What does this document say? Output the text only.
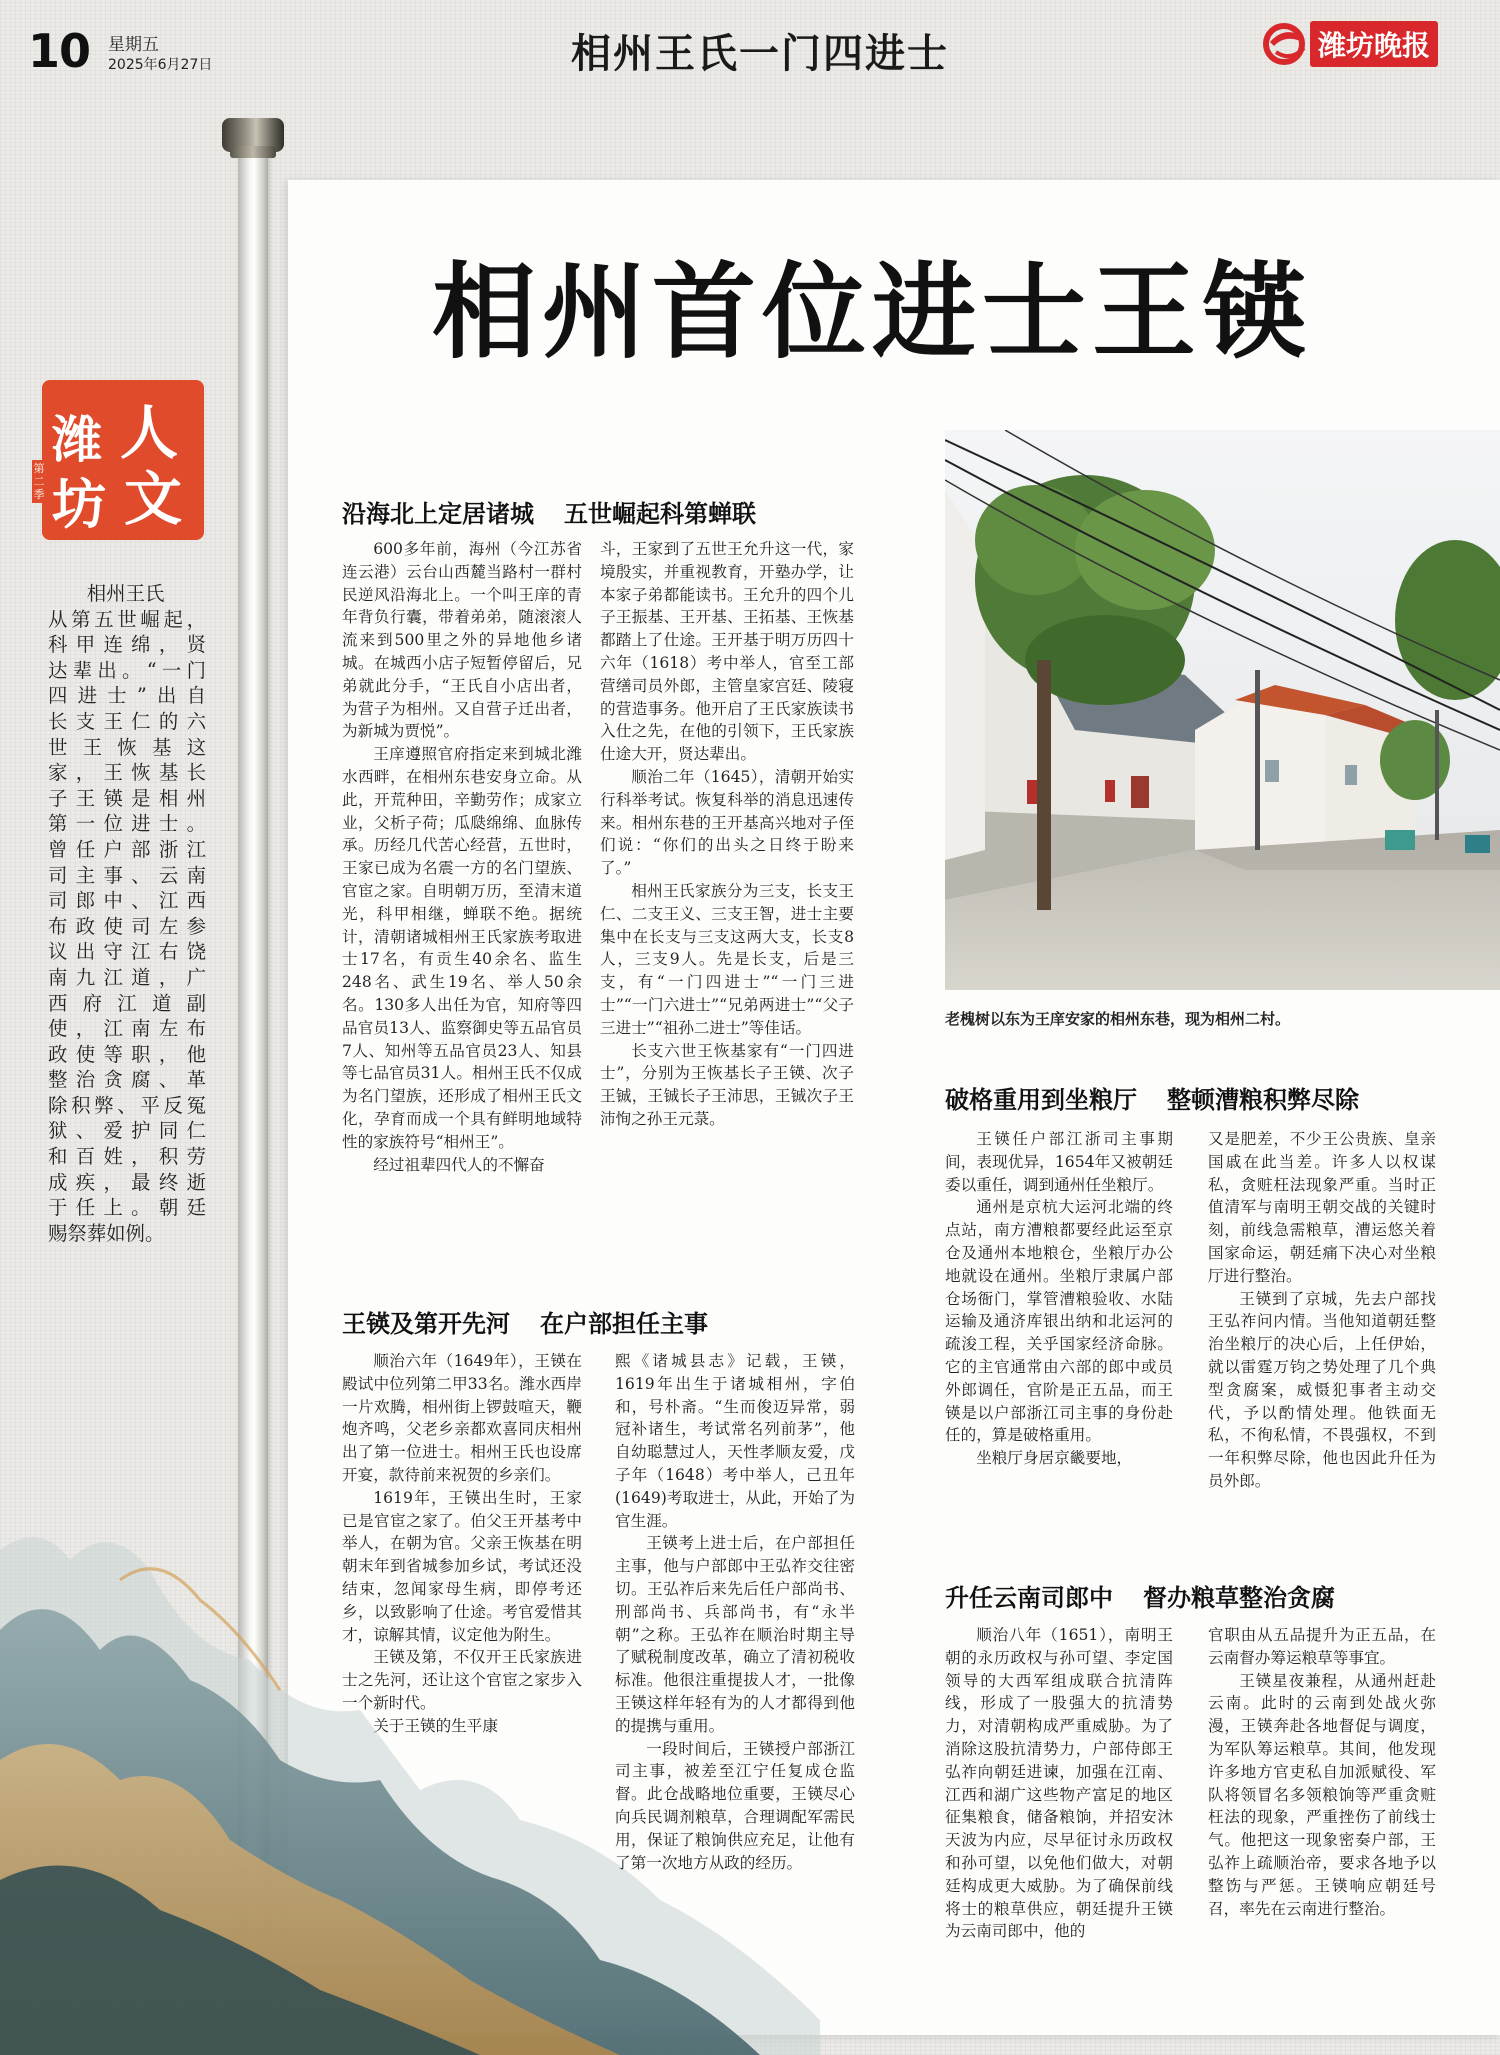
10 星期五
2025年6月27日	相州王氏一门四进士	潍坊晚报
潍 人
坊 文
第二季
相州王氏
从第五世崛起，
科甲连绵，贤
达辈出。“一门
四进士”出自
长支王仁的六
世王恢基这
家，王恢基长
子王锳是相州
第一位进士。
曾任户部浙江
司主事、云南
司郎中、江西
布政使司左参
议出守江右饶
南九江道，广
西府江道副
使，江南左布
政使等职，他
整治贪腐、革
除积弊、平反冤
狱、爱护同仁
和百姓，积劳
成疾，最终逝
于任上。朝廷
赐祭葬如例。
相州首位进士王锳
沿海北上定居诸城 五世崛起科第蝉联

600多年前，海州（今江苏省连云港）云台山西麓当路村一群村民逆风沿海北上。一个叫王庠的青年背负行囊，带着弟弟，随滚滚人流来到500里之外的异地他乡诸城。在城西小店子短暂停留后，兄弟就此分手，“王氏自小店出者，为营子为相州。又自营子迁出者，为新城为贾悦”。

王庠遵照官府指定来到城北潍水西畔，在相州东巷安身立命。从此，开荒种田，辛勤劳作；成家立业，父析子荷；瓜瓞绵绵、血脉传承。历经几代苦心经营，五世时，王家已成为名震一方的名门望族、官宦之家。自明朝万历，至清末道光，科甲相继，蝉联不绝。据统计，清朝诸城相州王氏家族考取进士17名，有贡生40余名、监生248名、武生19名、举人50余名。130多人出任为官，知府等四品官员13人、监察御史等五品官员7人、知州等五品官员23人、知县等七品官员31人。相州王氏不仅成为名门望族，还形成了相州王氏文化，孕育而成一个具有鲜明地域特性的家族符号“相州王”。

经过祖辈四代人的不懈奋

斗，王家到了五世王允升这一代，家境殷实，并重视教育，开塾办学，让本家子弟都能读书。王允升的四个儿子王振基、王开基、王拓基、王恢基都踏上了仕途。王开基于明万历四十六年（1618）考中举人，官至工部营缮司员外郎，主管皇家宫廷、陵寝的营造事务。他开启了王氏家族读书入仕之先，在他的引领下，王氏家族仕途大开，贤达辈出。

顺治二年（1645），清朝开始实行科举考试。恢复科举的消息迅速传来。相州东巷的王开基高兴地对子侄们说：“你们的出头之日终于盼来了。”

相州王氏家族分为三支，长支王仁、二支王义、三支王智，进士主要集中在长支与三支这两大支，长支8人，三支9人。先是长支，后是三支，有“一门四进士”“一门三进士”“一门六进士”“兄弟两进士”“父子三进士”“祖孙二进士”等佳话。

长支六世王恢基家有“一门四进士”，分别为王恢基长子王锳、次子王铖，王铖长子王沛思，王铖次子王沛恂之孙王元菉。

王锳及第开先河 在户部担任主事

顺治六年（1649年），王锳在殿试中位列第二甲33名。潍水西岸一片欢腾，相州街上锣鼓喧天，鞭炮齐鸣，父老乡亲都欢喜同庆相州出了第一位进士。相州王氏也设席开宴，款待前来祝贺的乡亲们。

1619年，王锳出生时，王家已是官宦之家了。伯父王开基考中举人，在朝为官。父亲王恢基在明朝末年到省城参加乡试，考试还没结束，忽闻家母生病，即停考还乡，以致影响了仕途。考官爱惜其才，谅解其情，议定他为附生。

王锳及第，不仅开王氏家族进士之先河，还让这个官宦之家步入一个新时代。

关于王锳的生平康

熙《诸城县志》记载，王锳，1619年出生于诸城相州，字伯和，号朴斋。“生而俊迈异常，弱冠补诸生，考试常名列前茅”，他自幼聪慧过人，天性孝顺友爱，戊子年（1648）考中举人，己丑年(1649)考取进士，从此，开始了为官生涯。

王锳考上进士后，在户部担任主事，他与户部郎中王弘祚交往密切。王弘祚后来先后任户部尚书、刑部尚书、兵部尚书，有“永半朝”之称。王弘祚在顺治时期主导了赋税制度改革，确立了清初税收标准。他很注重提拔人才，一批像王锳这样年轻有为的人才都得到他的提携与重用。

一段时间后，王锳授户部浙江司主事，被差至江宁任复成仓监督。此仓战略地位重要，王锳尽心向兵民调剂粮草，合理调配军需民用，保证了粮饷供应充足，让他有了第一次地方从政的经历。

老槐树以东为王庠安家的相州东巷，现为相州二村。
破格重用到坐粮厅 整顿漕粮积弊尽除

王锳任户部江浙司主事期间，表现优异，1654年又被朝廷委以重任，调到通州任坐粮厅。

通州是京杭大运河北端的终点站，南方漕粮都要经此运至京仓及通州本地粮仓，坐粮厅办公地就设在通州。坐粮厅隶属户部仓场衙门，掌管漕粮验收、水陆运输及通济库银出纳和北运河的疏浚工程，关乎国家经济命脉。它的主官通常由六部的郎中或员外郎调任，官阶是正五品，而王锳是以户部浙江司主事的身份赴任的，算是破格重用。

坐粮厅身居京畿要地，

又是肥差，不少王公贵族、皇亲国戚在此当差。许多人以权谋私，贪赃枉法现象严重。当时正值清军与南明王朝交战的关键时刻，前线急需粮草，漕运悠关着国家命运，朝廷痛下决心对坐粮厅进行整治。

王锳到了京城，先去户部找王弘祚问内情。当他知道朝廷整治坐粮厅的决心后，上任伊始，就以雷霆万钧之势处理了几个典型贪腐案，威慑犯事者主动交代，予以酌情处理。他铁面无私，不徇私情，不畏强权，不到一年积弊尽除，他也因此升任为员外郎。

升任云南司郎中 督办粮草整治贪腐

顺治八年（1651），南明王朝的永历政权与孙可望、李定国领导的大西军组成联合抗清阵线，形成了一股强大的抗清势力，对清朝构成严重威胁。为了消除这股抗清势力，户部侍郎王弘祚向朝廷进谏，加强在江南、江西和湖广这些物产富足的地区征集粮食，储备粮饷，并招安沐天波为内应，尽早征讨永历政权和孙可望，以免他们做大，对朝廷构成更大威胁。为了确保前线将士的粮草供应，朝廷提升王锳为云南司郎中，他的

官职由从五品提升为正五品，在云南督办筹运粮草等事宜。

王锳星夜兼程，从通州赶赴云南。此时的云南到处战火弥漫，王锳奔赴各地督促与调度，为军队筹运粮草。其间，他发现许多地方官吏私自加派赋役、军队将领冒名多领粮饷等严重贪赃枉法的现象，严重挫伤了前线士气。他把这一现象密奏户部，王弘祚上疏顺治帝，要求各地予以整饬与严惩。王锳响应朝廷号召，率先在云南进行整治。
